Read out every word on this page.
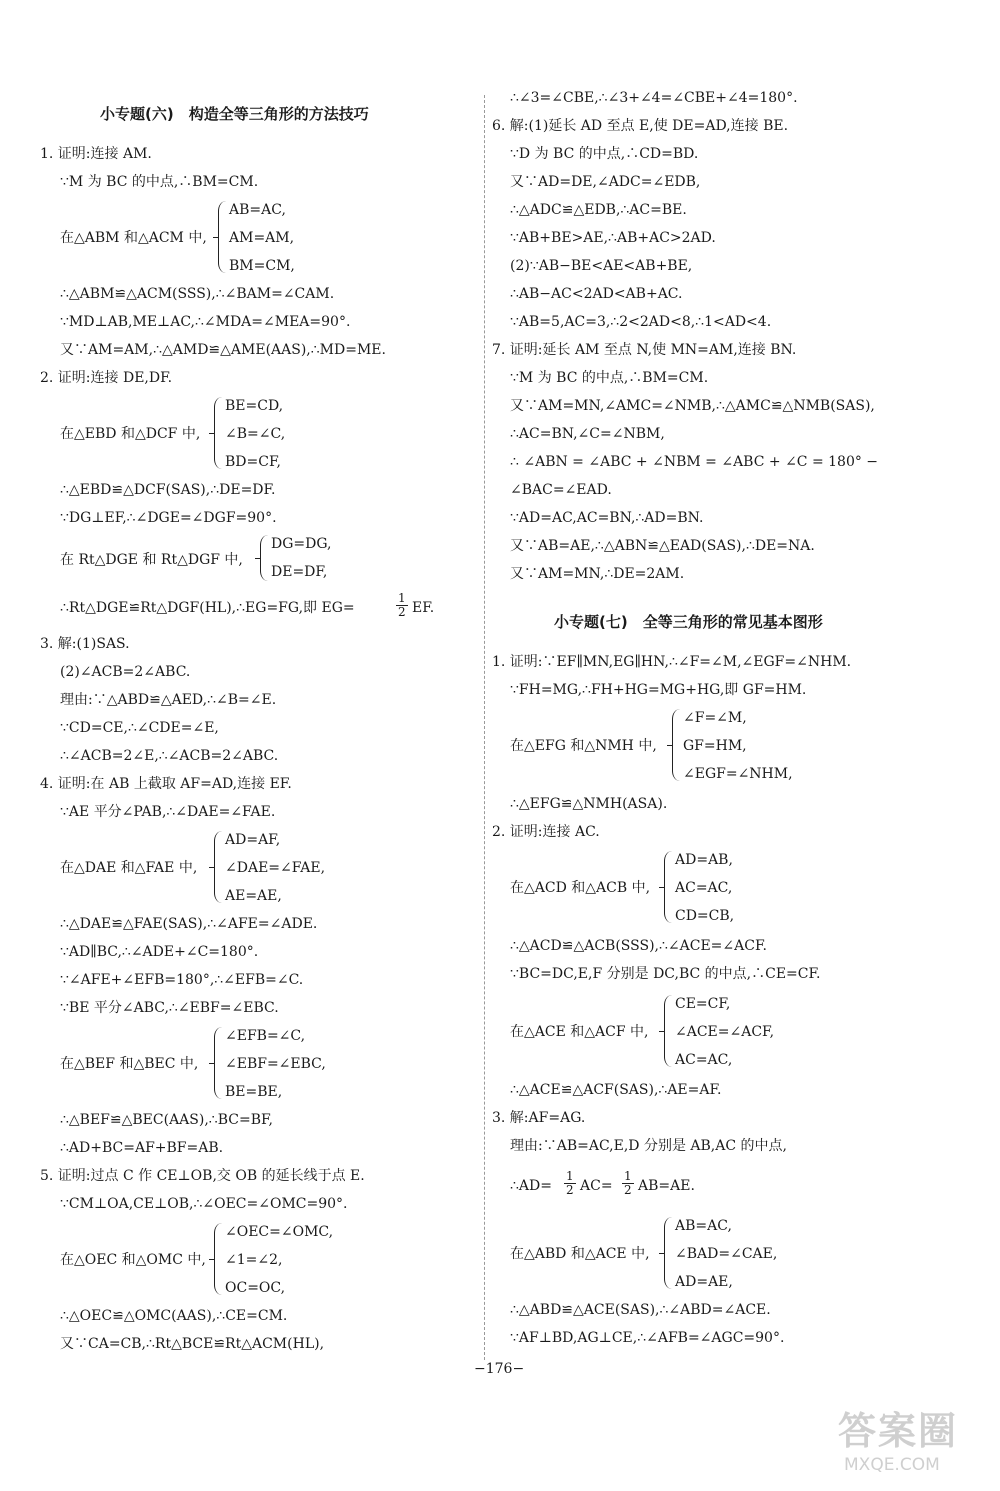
小专题(六)　构造全等三角形的方法技巧
1. 证明:连接 AM.
∵M 为 BC 的中点,∴BM=CM.
在△ABM 和△ACM 中,
AB=AC,
AM=AM,
BM=CM,
∴△ABM≌△ACM(SSS),∴∠BAM=∠CAM.
∵MD⊥AB,ME⊥AC,∴∠MDA=∠MEA=90°.
又∵AM=AM,∴△AMD≌△AME(AAS),∴MD=ME.
2. 证明:连接 DE,DF.
在△EBD 和△DCF 中,
BE=CD,
∠B=∠C,
BD=CF,
∴△EBD≌△DCF(SAS),∴DE=DF.
∵DG⊥EF,∴∠DGE=∠DGF=90°.
在 Rt△DGE 和 Rt△DGF 中,
DG=DG,
DE=DF,
∴Rt△DGE≌Rt△DGF(HL),∴EG=FG,即 EG=	$\frac{1}{2}$ EF.
3. 解:(1)SAS.
(2)∠ACB=2∠ABC.
理由:∵△ABD≌△AED,∴∠B=∠E.
∵CD=CE,∴∠CDE=∠E,
∴∠ACB=2∠E,∴∠ACB=2∠ABC.
4. 证明:在 AB 上截取 AF=AD,连接 EF.
∵AE 平分∠PAB,∴∠DAE=∠FAE.
在△DAE 和△FAE 中,
AD=AF,
∠DAE=∠FAE,
AE=AE,
∴△DAE≌△FAE(SAS),∴∠AFE=∠ADE.
∵AD∥BC,∴∠ADE+∠C=180°.
∵∠AFE+∠EFB=180°,∴∠EFB=∠C.
∵BE 平分∠ABC,∴∠EBF=∠EBC.
在△BEF 和△BEC 中,
∠EFB=∠C,
∠EBF=∠EBC,
BE=BE,
∴△BEF≌△BEC(AAS),∴BC=BF,
∴AD+BC=AF+BF=AB.
5. 证明:过点 C 作 CE⊥OB,交 OB 的延长线于点 E.
∵CM⊥OA,CE⊥OB,∴∠OEC=∠OMC=90°.
在△OEC 和△OMC 中,
∠OEC=∠OMC,
∠1=∠2,
OC=OC,
∴△OEC≌△OMC(AAS),∴CE=CM.
又∵CA=CB,∴Rt△BCE≌Rt△ACM(HL),
∴∠3=∠CBE,∴∠3+∠4=∠CBE+∠4=180°.
6. 解:(1)延长 AD 至点 E,使 DE=AD,连接 BE.
∵D 为 BC 的中点,∴CD=BD.
又∵AD=DE,∠ADC=∠EDB,
∴△ADC≌△EDB,∴AC=BE.
∵AB+BE>AE,∴AB+AC>2AD.
(2)∵AB−BE<AE<AB+BE,
∴AB−AC<2AD<AB+AC.
∵AB=5,AC=3,∴2<2AD<8,∴1<AD<4.
7. 证明:延长 AM 至点 N,使 MN=AM,连接 BN.
∵M 为 BC 的中点,∴BM=CM.
又∵AM=MN,∠AMC=∠NMB,∴△AMC≌△NMB(SAS),
∴AC=BN,∠C=∠NBM,
∴ ∠ABN = ∠ABC + ∠NBM = ∠ABC + ∠C = 180° −
∠BAC=∠EAD.
∵AD=AC,AC=BN,∴AD=BN.
又∵AB=AE,∴△ABN≌△EAD(SAS),∴DE=NA.
又∵AM=MN,∴DE=2AM.
小专题(七)　全等三角形的常见基本图形
1. 证明:∵EF∥MN,EG∥HN,∴∠F=∠M,∠EGF=∠NHM.
∵FH=MG,∴FH+HG=MG+HG,即 GF=HM.
在△EFG 和△NMH 中,
∠F=∠M,
GF=HM,
∠EGF=∠NHM,
∴△EFG≌△NMH(ASA).
2. 证明:连接 AC.
在△ACD 和△ACB 中,
AD=AB,
AC=AC,
CD=CB,
∴△ACD≌△ACB(SSS),∴∠ACE=∠ACF.
∵BC=DC,E,F 分别是 DC,BC 的中点,∴CE=CF.
在△ACE 和△ACF 中,
CE=CF,
∠ACE=∠ACF,
AC=AC,
∴△ACE≌△ACF(SAS),∴AE=AF.
3. 解:AF=AG.
理由:∵AB=AC,E,D 分别是 AB,AC 的中点,
∴AD= $\frac{1}{2} AC= \frac{1}{2} AB=AE$.
在△ABD 和△ACE 中,
AB=AC,
∠BAD=∠CAE,
AD=AE,
∴△ABD≌△ACE(SAS),∴∠ABD=∠ACE.
∵AF⊥BD,AG⊥CE,∴∠AFB=∠AGC=90°.
−176−
答案圈
MXQE.COM
